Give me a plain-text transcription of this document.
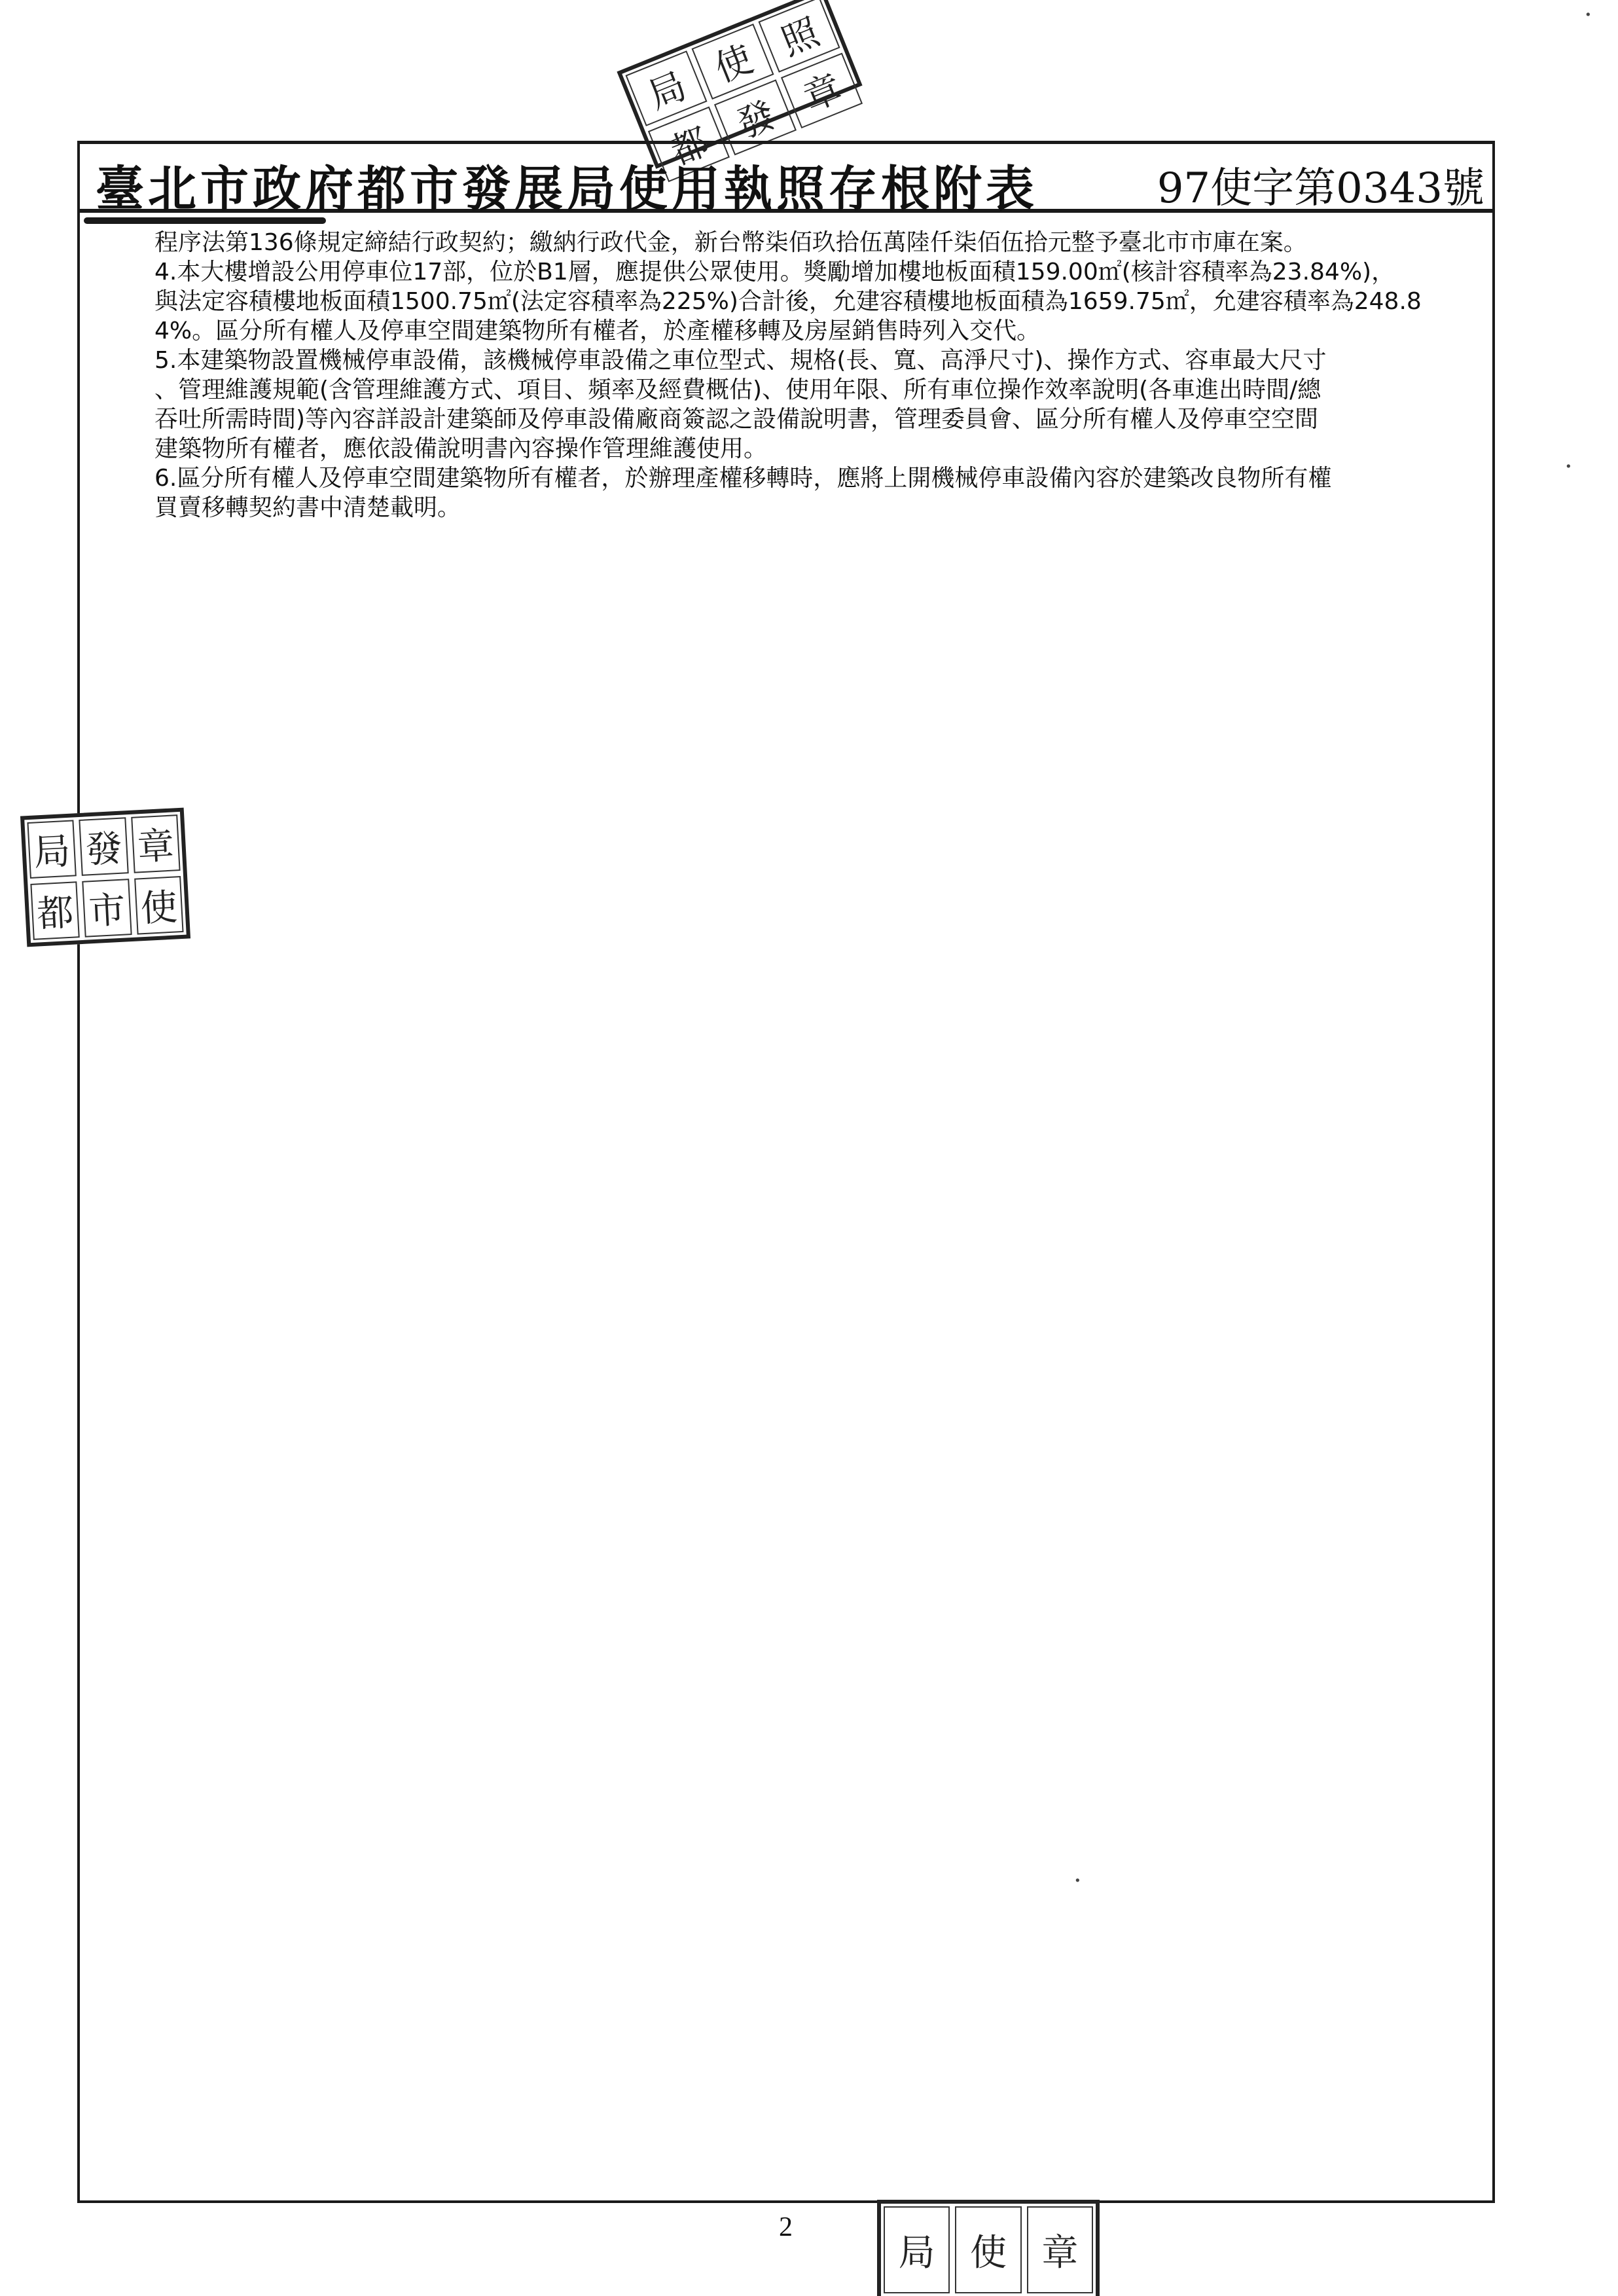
局
使
照
都
發
章
臺北市政府都市發展局使用執照存根附表	97使字第0343號
程序法第136條規定締結行政契約；繳納行政代金，新台幣柒佰玖拾伍萬陸仟柒佰伍拾元整予臺北市市庫在案。
4.本大樓增設公用停車位17部，位於B1層，應提供公眾使用。獎勵增加樓地板面積159.00㎡(核計容積率為23.84%)，
與法定容積樓地板面積1500.75㎡(法定容積率為225%)合計後，允建容積樓地板面積為1659.75㎡，允建容積率為248.8
4%。區分所有權人及停車空間建築物所有權者，於產權移轉及房屋銷售時列入交代。
5.本建築物設置機械停車設備，該機械停車設備之車位型式、規格(長、寬、高淨尺寸)、操作方式、容車最大尺寸
、管理維護規範(含管理維護方式、項目、頻率及經費概估)、使用年限、所有車位操作效率說明(各車進出時間/總
吞吐所需時間)等內容詳設計建築師及停車設備廠商簽認之設備說明書，管理委員會、區分所有權人及停車空空間
建築物所有權者，應依設備說明書內容操作管理維護使用。
6.區分所有權人及停車空間建築物所有權者，於辦理產權移轉時，應將上開機械停車設備內容於建築改良物所有權
買賣移轉契約書中清楚載明。
局 發 章
都 市 使
2
局 使 章
·
·
·
